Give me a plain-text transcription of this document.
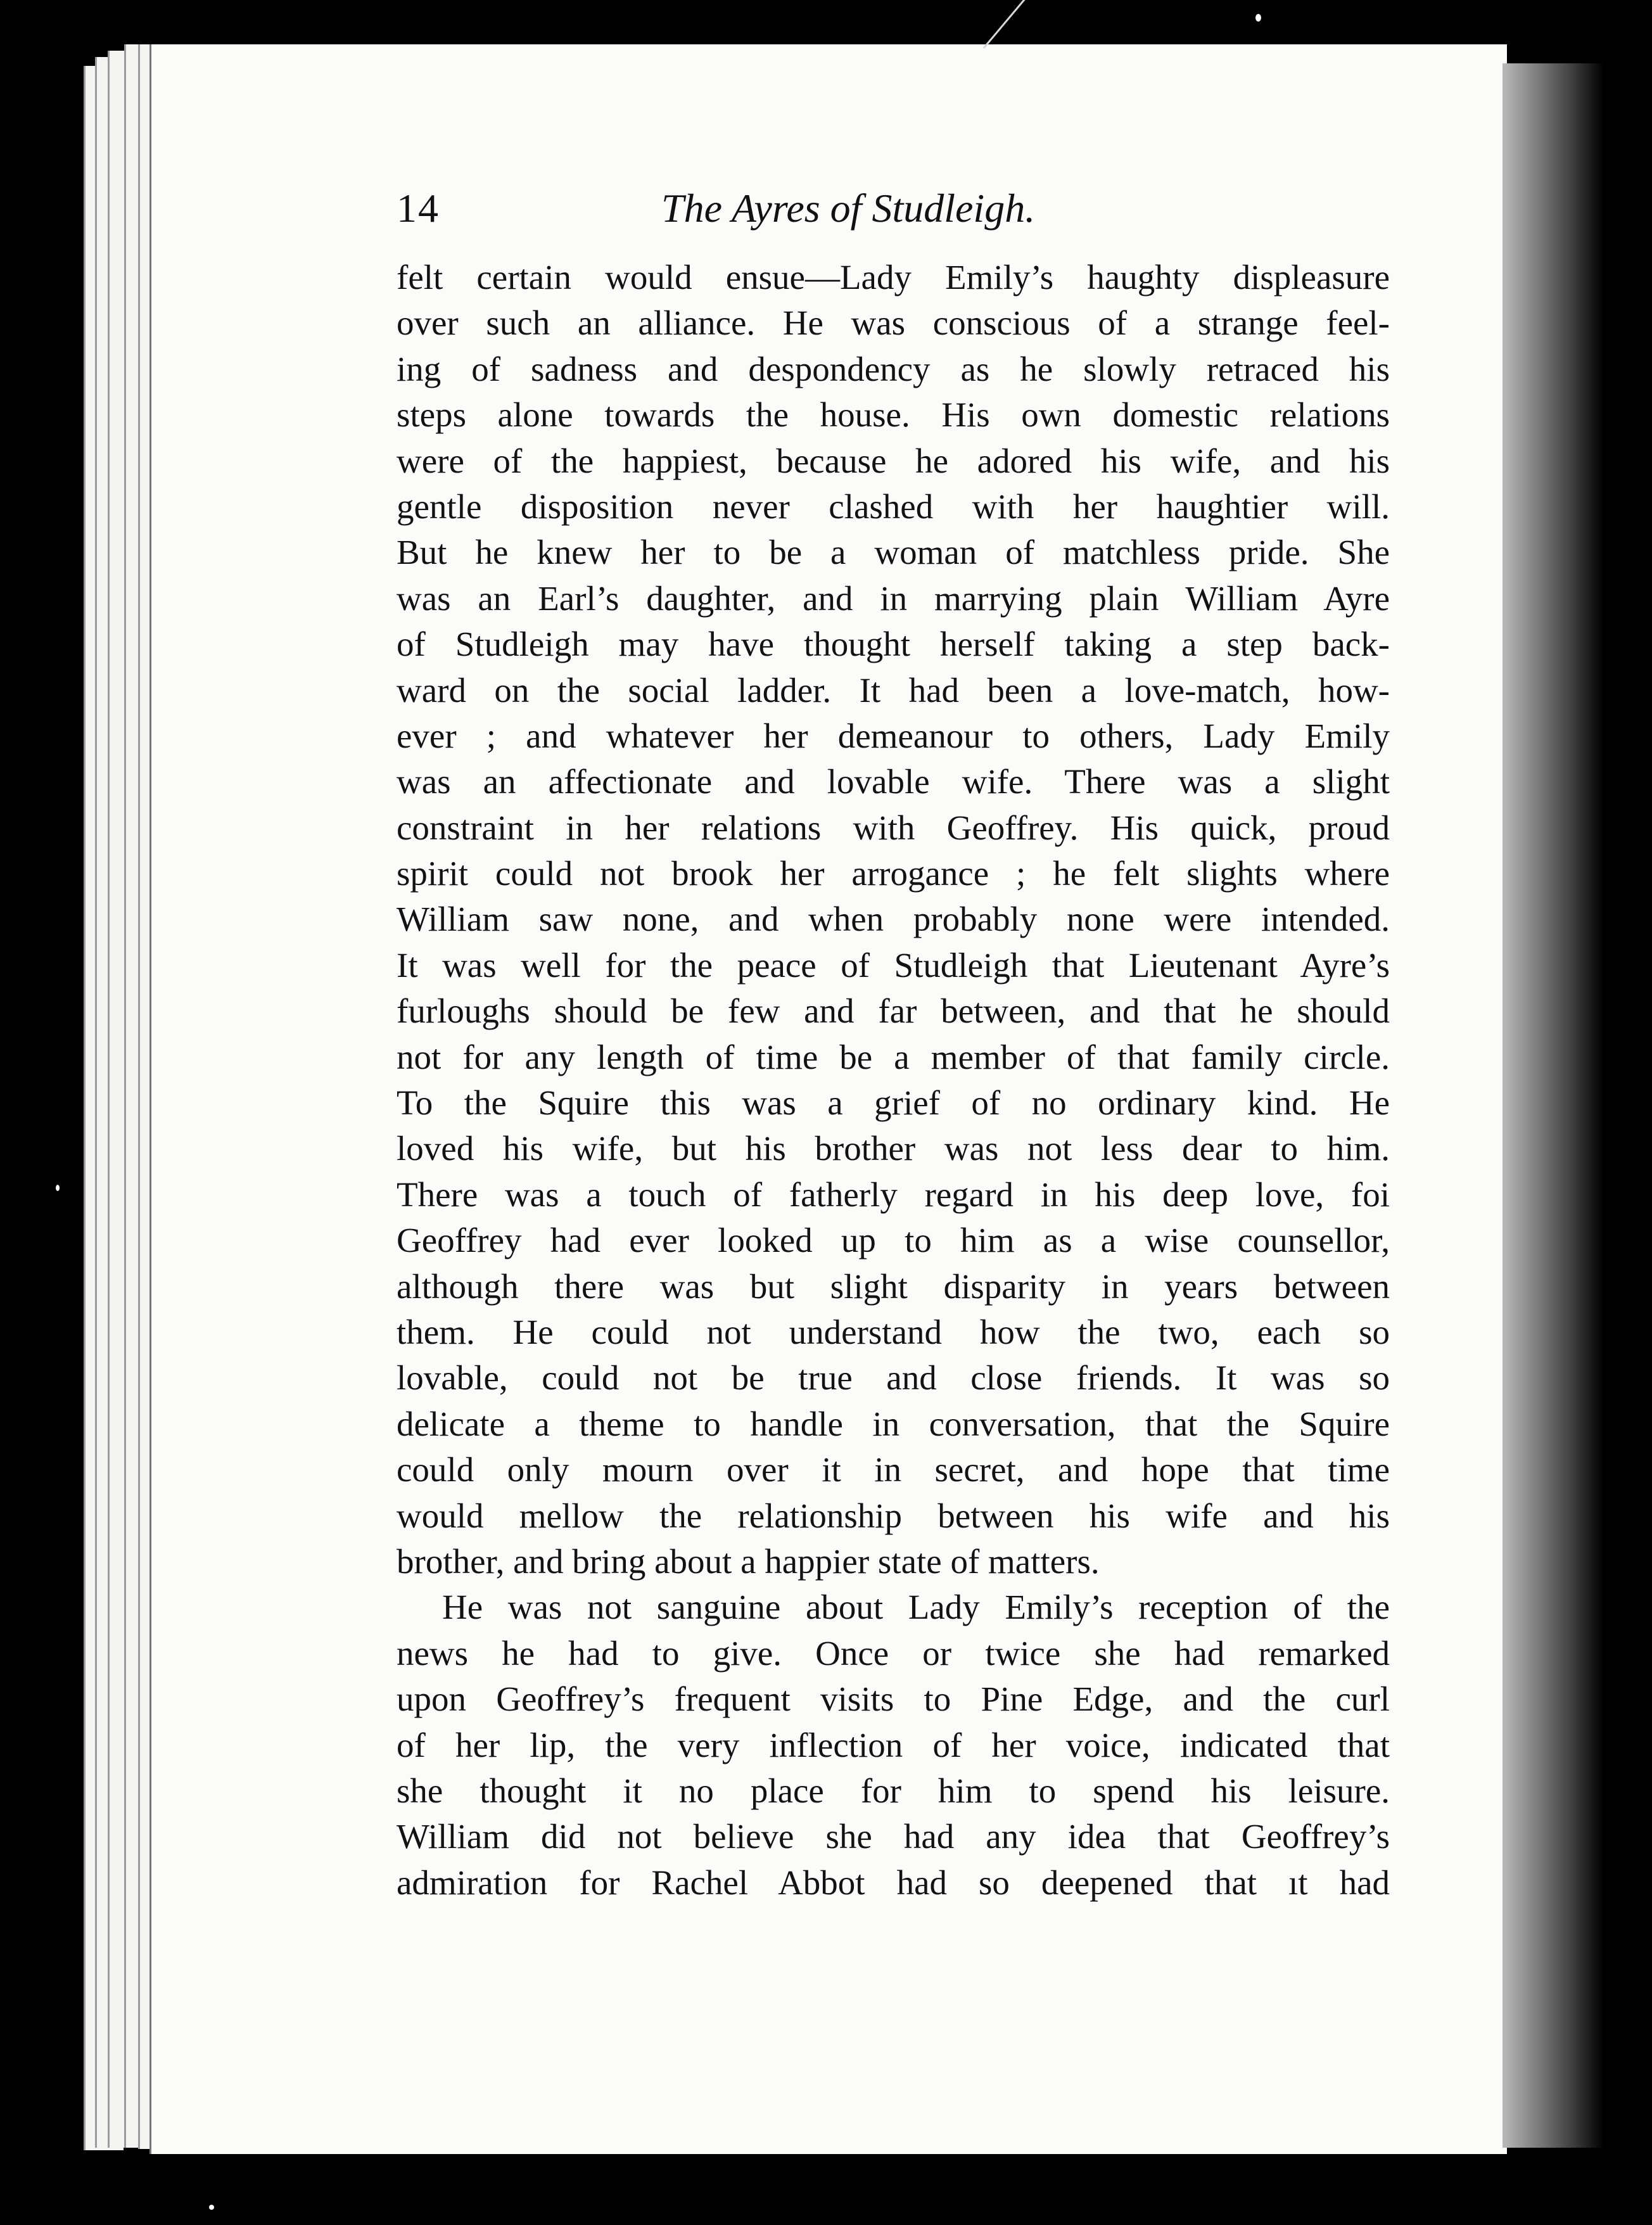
14	The Ayres of Studleigh.
felt certain would ensue—Lady Emily’s haughty displeasure
over such an alliance. He was conscious of a strange feel-
ing of sadness and despondency as he slowly retraced his
steps alone towards the house. His own domestic relations
were of the happiest, because he adored his wife, and his
gentle disposition never clashed with her haughtier will.
But he knew her to be a woman of matchless pride. She
was an Earl’s daughter, and in marrying plain William Ayre
of Studleigh may have thought herself taking a step back-
ward on the social ladder. It had been a love-match, how-
ever ; and whatever her demeanour to others, Lady Emily
was an affectionate and lovable wife. There was a slight
constraint in her relations with Geoffrey. His quick, proud
spirit could not brook her arrogance ; he felt slights where
William saw none, and when probably none were intended.
It was well for the peace of Studleigh that Lieutenant Ayre’s
furloughs should be few and far between, and that he should
not for any length of time be a member of that family circle.
To the Squire this was a grief of no ordinary kind. He
loved his wife, but his brother was not less dear to him.
There was a touch of fatherly regard in his deep love, foi
Geoffrey had ever looked up to him as a wise counsellor,
although there was but slight disparity in years between
them. He could not understand how the two, each so
lovable, could not be true and close friends. It was so
delicate a theme to handle in conversation, that the Squire
could only mourn over it in secret, and hope that time
would mellow the relationship between his wife and his
brother, and bring about a happier state of matters.
He was not sanguine about Lady Emily’s reception of the
news he had to give. Once or twice she had remarked
upon Geoffrey’s frequent visits to Pine Edge, and the curl
of her lip, the very inflection of her voice, indicated that
she thought it no place for him to spend his leisure.
William did not believe she had any idea that Geoffrey’s
admiration for Rachel Abbot had so deepened that ıt had
